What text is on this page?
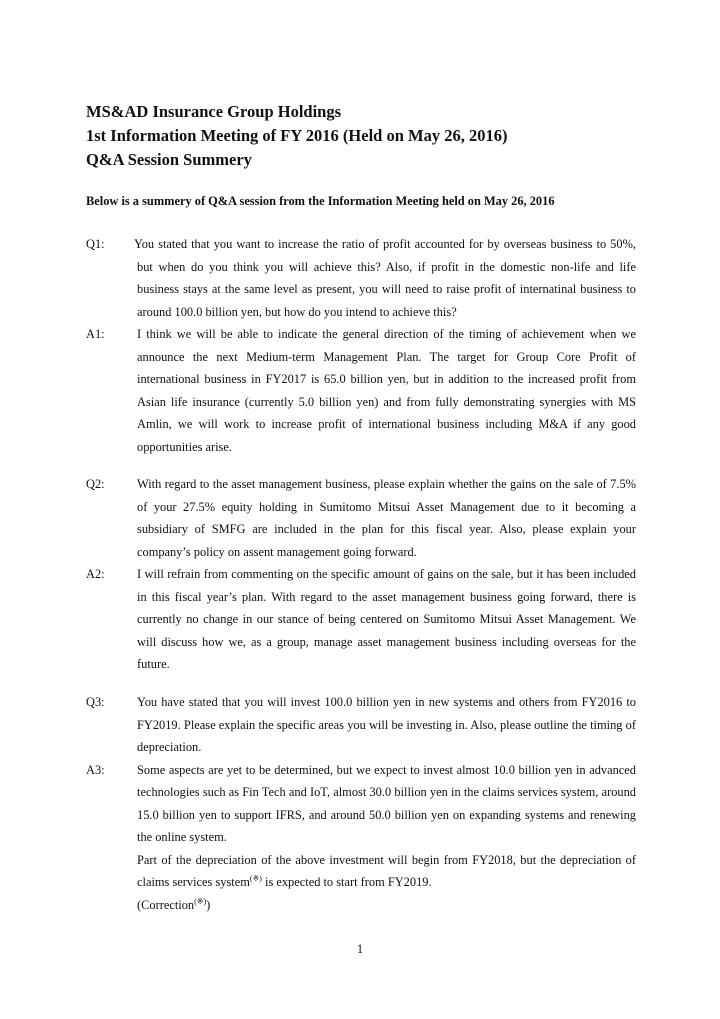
MS&AD Insurance Group Holdings
1st Information Meeting of FY 2016 (Held on May 26, 2016)
Q&A Session Summery
Below is a summery of Q&A session from the Information Meeting held on May 26, 2016
Q1:	You stated that you want to increase the ratio of profit accounted for by overseas business to 50%, but when do you think you will achieve this? Also, if profit in the domestic non-life and life business stays at the same level as present, you will need to raise profit of internatinal business to around 100.0 billion yen, but how do you intend to achieve this?
A1:	I think we will be able to indicate the general direction of the timing of achievement when we announce the next Medium-term Management Plan. The target for Group Core Profit of international business in FY2017 is 65.0 billion yen, but in addition to the increased profit from Asian life insurance (currently 5.0 billion yen) and from fully demonstrating synergies with MS Amlin, we will work to increase profit of international business including M&A if any good opportunities arise.
Q2:	With regard to the asset management business, please explain whether the gains on the sale of 7.5% of your 27.5% equity holding in Sumitomo Mitsui Asset Management due to it becoming a subsidiary of SMFG are included in the plan for this fiscal year. Also, please explain your company’s policy on assent management going forward.
A2:	I will refrain from commenting on the specific amount of gains on the sale, but it has been included in this fiscal year’s plan. With regard to the asset management business going forward, there is currently no change in our stance of being centered on Sumitomo Mitsui Asset Management. We will discuss how we, as a group, manage asset management business including overseas for the future.
Q3:	You have stated that you will invest 100.0 billion yen in new systems and others from FY2016 to FY2019. Please explain the specific areas you will be investing in. Also, please outline the timing of depreciation.
A3:	Some aspects are yet to be determined, but we expect to invest almost 10.0 billion yen in advanced technologies such as Fin Tech and IoT, almost 30.0 billion yen in the claims services system, around 15.0 billion yen to support IFRS, and around 50.0 billion yen on expanding systems and renewing the online system.
Part of the depreciation of the above investment will begin from FY2018, but the depreciation of claims services system(※) is expected to start from FY2019.
(Correction(※))
1
